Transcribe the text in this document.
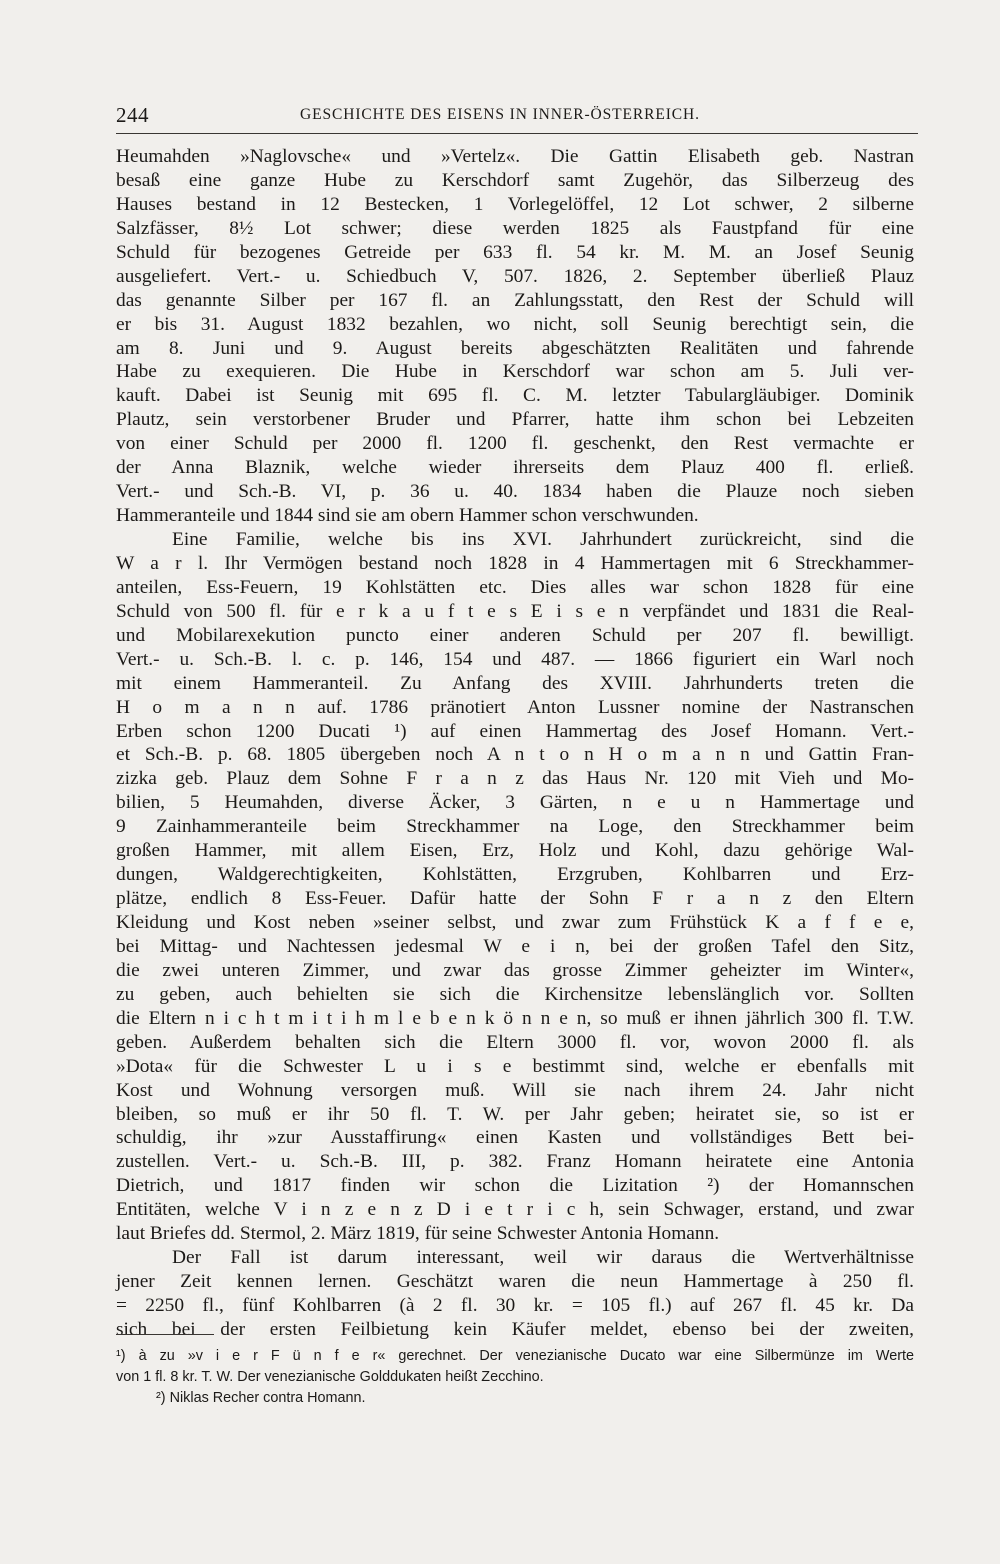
244	GESCHICHTE DES EISENS IN INNER-ÖSTERREICH.
Heumahden »Naglovsche« und »Vertelz«. Die Gattin Elisabeth geb. Nastran
besaß eine ganze Hube zu Kerschdorf samt Zugehör, das Silberzeug des
Hauses bestand in 12 Bestecken, 1 Vorlegelöffel, 12 Lot schwer, 2 silberne
Salzfässer, 8½ Lot schwer; diese werden 1825 als Faustpfand für eine
Schuld für bezogenes Getreide per 633 fl. 54 kr. M. M. an Josef Seunig
ausgeliefert. Vert.- u. Schiedbuch V, 507. 1826, 2. September überließ Plauz
das genannte Silber per 167 fl. an Zahlungsstatt, den Rest der Schuld will
er bis 31. August 1832 bezahlen, wo nicht, soll Seunig berechtigt sein, die
am 8. Juni und 9. August bereits abgeschätzten Realitäten und fahrende
Habe zu exequieren. Die Hube in Kerschdorf war schon am 5. Juli ver-
kauft. Dabei ist Seunig mit 695 fl. C. M. letzter Tabulargläubiger. Dominik
Plautz, sein verstorbener Bruder und Pfarrer, hatte ihm schon bei Lebzeiten
von einer Schuld per 2000 fl. 1200 fl. geschenkt, den Rest vermachte er
der Anna Blaznik, welche wieder ihrerseits dem Plauz 400 fl. erließ.
Vert.- und Sch.-B. VI, p. 36 u. 40. 1834 haben die Plauze noch sieben
Hammeranteile und 1844 sind sie am obern Hammer schon verschwunden.
Eine Familie, welche bis ins XVI. Jahrhundert zurückreicht, sind die
W a r l. Ihr Vermögen bestand noch 1828 in 4 Hammertagen mit 6 Streckhammer-
anteilen, Ess-Feuern, 19 Kohlstätten etc. Dies alles war schon 1828 für eine
Schuld von 500 fl. für e r k a u f t e s E i s e n verpfändet und 1831 die Real-
und Mobilarexekution puncto einer anderen Schuld per 207 fl. bewilligt.
Vert.- u. Sch.-B. l. c. p. 146, 154 und 487. — 1866 figuriert ein Warl noch
mit einem Hammeranteil. Zu Anfang des XVIII. Jahrhunderts treten die
H o m a n n auf. 1786 pränotiert Anton Lussner nomine der Nastranschen
Erben schon 1200 Ducati ¹) auf einen Hammertag des Josef Homann. Vert.-
et Sch.-B. p. 68. 1805 übergeben noch A n t o n H o m a n n und Gattin Fran-
zizka geb. Plauz dem Sohne F r a n z das Haus Nr. 120 mit Vieh und Mo-
bilien, 5 Heumahden, diverse Äcker, 3 Gärten, n e u n Hammertage und
9 Zainhammeranteile beim Streckhammer na Loge, den Streckhammer beim
großen Hammer, mit allem Eisen, Erz, Holz und Kohl, dazu gehörige Wal-
dungen, Waldgerechtigkeiten, Kohlstätten, Erzgruben, Kohlbarren und Erz-
plätze, endlich 8 Ess-Feuer. Dafür hatte der Sohn F r a n z den Eltern
Kleidung und Kost neben »seiner selbst, und zwar zum Frühstück K a f f e e,
bei Mittag- und Nachtessen jedesmal W e i n, bei der großen Tafel den Sitz,
die zwei unteren Zimmer, und zwar das grosse Zimmer geheizter im Winter«,
zu geben, auch behielten sie sich die Kirchensitze lebenslänglich vor. Sollten
die Eltern n i c h t m i t i h m l e b e n k ö n n e n, so muß er ihnen jährlich 300 fl. T.W.
geben. Außerdem behalten sich die Eltern 3000 fl. vor, wovon 2000 fl. als
»Dota« für die Schwester L u i s e bestimmt sind, welche er ebenfalls mit
Kost und Wohnung versorgen muß. Will sie nach ihrem 24. Jahr nicht
bleiben, so muß er ihr 50 fl. T. W. per Jahr geben; heiratet sie, so ist er
schuldig, ihr »zur Ausstaffirung« einen Kasten und vollständiges Bett bei-
zustellen. Vert.- u. Sch.-B. III, p. 382. Franz Homann heiratete eine Antonia
Dietrich, und 1817 finden wir schon die Lizitation ²) der Homannschen
Entitäten, welche V i n z e n z D i e t r i c h, sein Schwager, erstand, und zwar
laut Briefes dd. Stermol, 2. März 1819, für seine Schwester Antonia Homann.
Der Fall ist darum interessant, weil wir daraus die Wertverhältnisse
jener Zeit kennen lernen. Geschätzt waren die neun Hammertage à 250 fl.
= 2250 fl., fünf Kohlbarren (à 2 fl. 30 kr. = 105 fl.) auf 267 fl. 45 kr. Da
sich bei der ersten Feilbietung kein Käufer meldet, ebenso bei der zweiten,
¹) à zu »v i e r F ü n f e r« gerechnet. Der venezianische Ducato war eine Silbermünze im Werte
von 1 fl. 8 kr. T. W. Der venezianische Golddukaten heißt Zecchino.
²) Niklas Recher contra Homann.
